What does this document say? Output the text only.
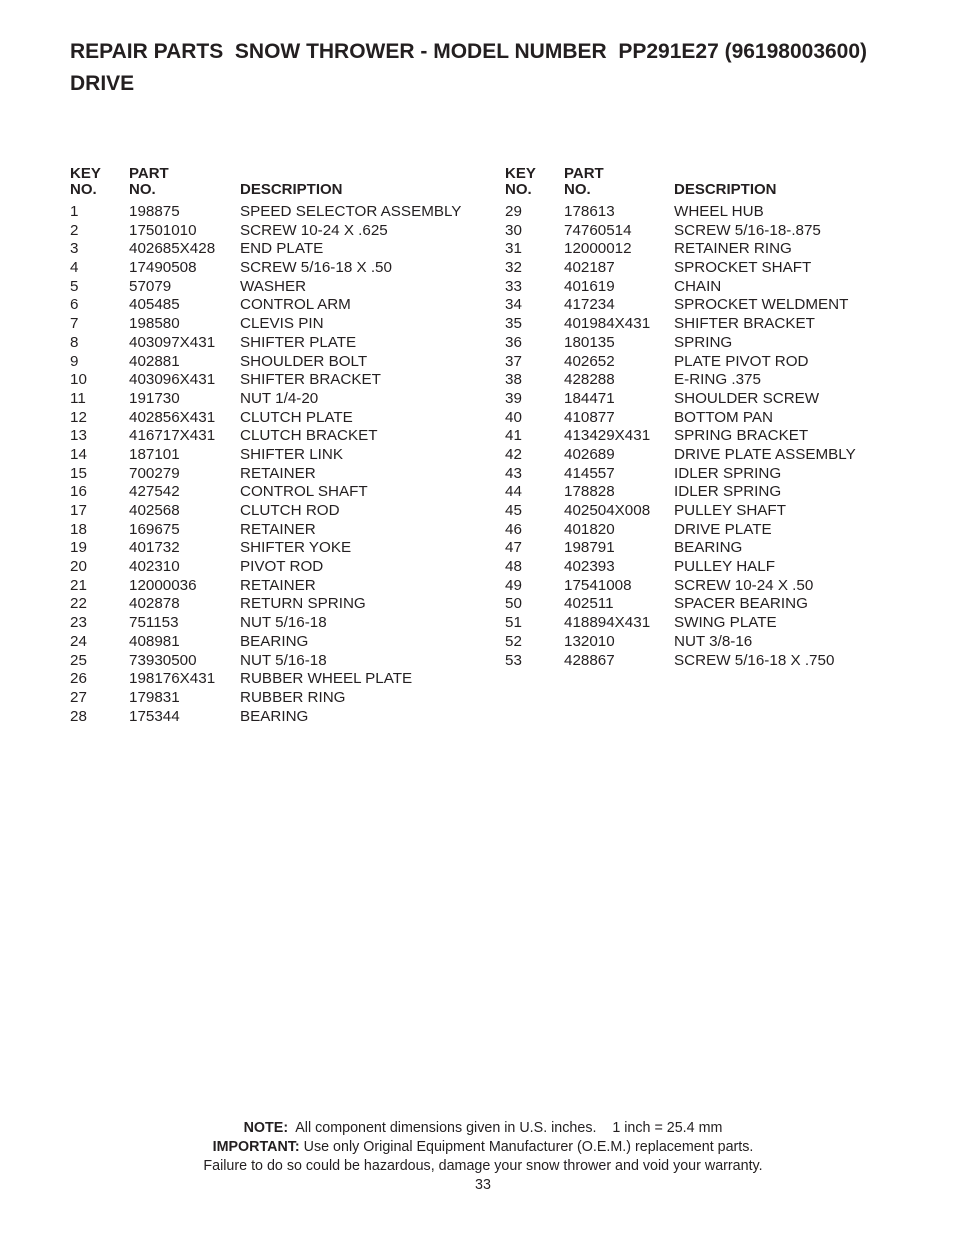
REPAIR PARTS  SNOW THROWER - MODEL NUMBER  PP291E27 (96198003600)
DRIVE
KEY
NO.
PART
NO.	DESCRIPTION
1	198875	SPEED SELECTOR ASSEMBLY
2	17501010	SCREW 10-24 X .625
3	402685X428 END PLATE
4	17490508	SCREW 5/16-18 X .50
5	57079	WASHER
6	405485	CONTROL ARM
7	198580	CLEVIS PIN
8	403097X431 SHIFTER PLATE
9	402881	SHOULDER BOLT
10	403096X431 SHIFTER BRACKET
11	191730	NUT 1/4-20
12	402856X431 CLUTCH PLATE
13	416717X431 CLUTCH BRACKET
14	187101	SHIFTER LINK
15	700279	RETAINER
16	427542	CONTROL SHAFT
17	402568	CLUTCH ROD
18	169675	RETAINER
19	401732	SHIFTER YOKE
20	402310	PIVOT ROD
21	12000036	RETAINER
22	402878	RETURN SPRING
23	751153	NUT 5/16-18
24	408981	BEARING
25	73930500	NUT 5/16-18
26	198176X431 RUBBER WHEEL PLATE
27	179831	RUBBER RING
28	175344	BEARING
KEY
NO.
PART
NO.	DESCRIPTION
29	178613	WHEEL HUB
30	74760514	SCREW 5/16-18-.875
31	12000012	RETAINER RING
32	402187	SPROCKET SHAFT
33	401619	CHAIN
34	417234	SPROCKET WELDMENT
35	401984X431 SHIFTER BRACKET
36	180135	SPRING
37	402652	PLATE PIVOT ROD
38	428288	E-RING .375
39	184471	SHOULDER SCREW
40	410877	BOTTOM PAN
41	413429X431 SPRING BRACKET
42	402689	DRIVE PLATE ASSEMBLY
43	414557	IDLER SPRING
44	178828	IDLER SPRING
45	402504X008 PULLEY SHAFT
46	401820	DRIVE PLATE
47	198791	BEARING
48	402393	PULLEY HALF
49	17541008	SCREW 10-24 X .50
50	402511	SPACER BEARING
51	418894X431 SWING PLATE
52	132010	NUT 3/8-16
53	428867	SCREW 5/16-18 X .750
NOTE:  All component dimensions given in U.S. inches.    1 inch = 25.4 mm
IMPORTANT: Use only Original Equipment Manufacturer (O.E.M.) replacement parts.
Failure to do so could be hazardous, damage your snow thrower and void your warranty.
33
